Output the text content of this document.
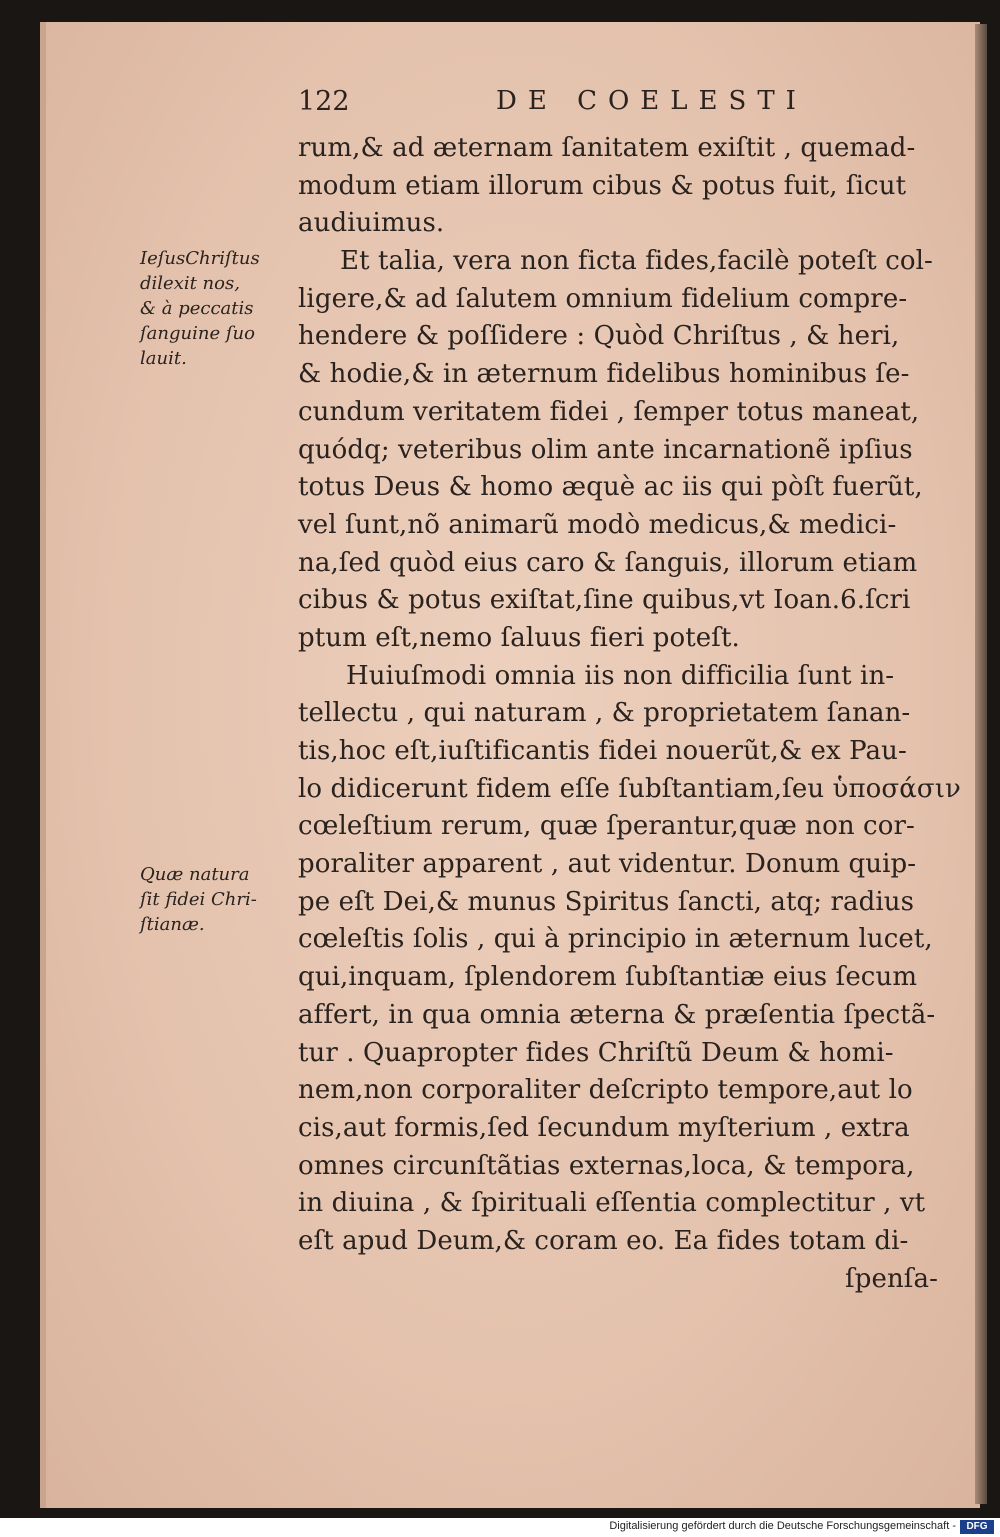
122	DE COELESTI
rum,& ad æternam ſanitatem exiſtit , quemad-
modum etiam illorum cibus & potus fuit, ſicut
audiuimus.
Et talia, vera non ficta fides,facilè poteſt col-
ligere,& ad ſalutem omnium fidelium compre-
hendere & poſſidere : Quòd Chriſtus , & heri,
& hodie,& in æternum fidelibus hominibus ſe-
cundum veritatem fidei , ſemper totus maneat,
quódq; veteribus olim ante incarnationẽ ipſius
totus Deus & homo æquè ac iis qui pòſt fuerũt,
vel ſunt,nõ animarũ modò medicus,& medici-
na,ſed quòd eius caro & ſanguis, illorum etiam
cibus & potus exiſtat,ſine quibus,vt Ioan.6.ſcri
ptum eſt,nemo ſaluus fieri poteſt.
Huiuſmodi omnia iis non difficilia ſunt in-
tellectu , qui naturam , & proprietatem ſanan-
tis,hoc eſt,iuſtificantis fidei nouerũt,& ex Pau-
lo didicerunt fidem eſſe ſubſtantiam,ſeu ὑποσάσιν
cœleſtium rerum, quæ ſperantur,quæ non cor-
poraliter apparent , aut videntur. Donum quip-
pe eſt Dei,& munus Spiritus ſancti, atq; radius
cœleſtis ſolis , qui à principio in æternum lucet,
qui,inquam, ſplendorem ſubſtantiæ eius ſecum
affert, in qua omnia æterna & præſentia ſpectã-
tur . Quapropter fides Chriſtũ Deum & homi-
nem,non corporaliter deſcripto tempore,aut lo
cis,aut formis,ſed ſecundum myſterium , extra
omnes circunſtãtias externas,loca, & tempora,
in diuina , & ſpirituali eſſentia complectitur , vt
eſt apud Deum,& coram eo. Ea fides totam di-
ſpenſa-
IeſusChriſtus
dilexit nos,
& à peccatis
ſanguine ſuo
lauit.
Quæ natura
ſit fidei Chri-
ſtianæ.
Digitalisierung gefördert durch die Deutsche Forschungsgemeinschaft -	DFG
